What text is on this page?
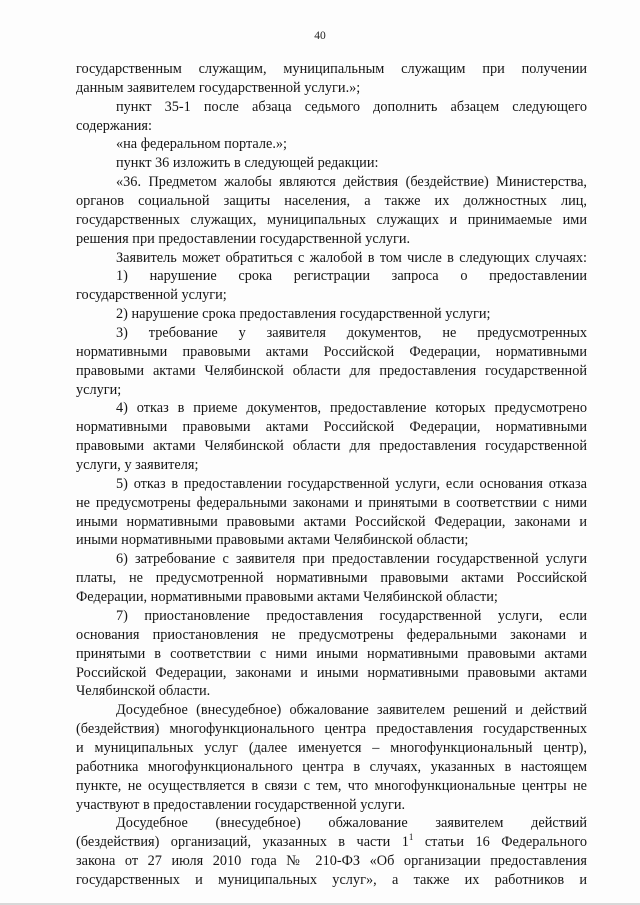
40
государственным служащим, муниципальным служащим при получении
данным заявителем государственной услуги.»;
пункт 35-1 после абзаца седьмого дополнить абзацем следующего
содержания:
«на федеральном портале.»;
пункт 36 изложить в следующей редакции:
«36. Предметом жалобы являются действия (бездействие) Министерства,
органов социальной защиты населения, а также их должностных лиц,
государственных служащих, муниципальных служащих и принимаемые ими
решения при предоставлении государственной услуги.
Заявитель может обратиться с жалобой в том числе в следующих случаях:
1) нарушение срока регистрации запроса о предоставлении
государственной услуги;
2) нарушение срока предоставления государственной услуги;
3) требование у заявителя документов, не предусмотренных
нормативными правовыми актами Российской Федерации, нормативными
правовыми актами Челябинской области для предоставления государственной
услуги;
4) отказ в приеме документов, предоставление которых предусмотрено
нормативными правовыми актами Российской Федерации, нормативными
правовыми актами Челябинской области для предоставления государственной
услуги, у заявителя;
5) отказ в предоставлении государственной услуги, если основания отказа
не предусмотрены федеральными законами и принятыми в соответствии с ними
иными нормативными правовыми актами Российской Федерации, законами и
иными нормативными правовыми актами Челябинской области;
6) затребование с заявителя при предоставлении государственной услуги
платы, не предусмотренной нормативными правовыми актами Российской
Федерации, нормативными правовыми актами Челябинской области;
7) приостановление предоставления государственной услуги, если
основания приостановления не предусмотрены федеральными законами и
принятыми в соответствии с ними иными нормативными правовыми актами
Российской Федерации, законами и иными нормативными правовыми актами
Челябинской области.
Досудебное (внесудебное) обжалование заявителем решений и действий
(бездействия) многофункционального центра предоставления государственных
и муниципальных услуг (далее именуется – многофункциональный центр),
работника многофункционального центра в случаях, указанных в настоящем
пункте, не осуществляется в связи с тем, что многофункциональные центры не
участвуют в предоставлении государственной услуги.
Досудебное (внесудебное) обжалование заявителем действий
(бездействия) организаций, указанных в части $1^1$ статьи 16 Федерального
закона от 27 июля 2010 года № 210-ФЗ «Об организации предоставления
государственных и муниципальных услуг», а также их работников и
